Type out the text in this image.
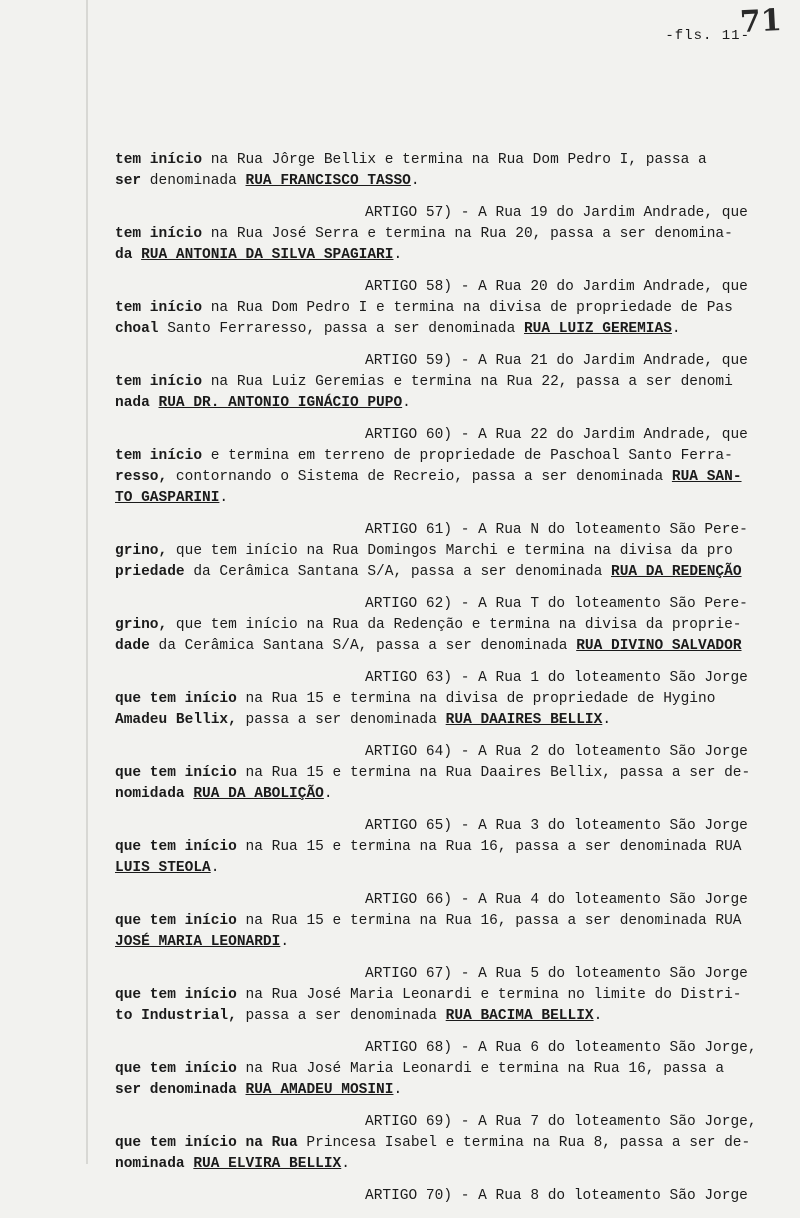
-fls. 11-
71
tem início na Rua Jôrge Bellix e termina na Rua Dom Pedro I, passa a
ser denominada RUA FRANCISCO TASSO.
ARTIGO 57) - A Rua 19 do Jardim Andrade, que
tem início na Rua José Serra e termina na Rua 20, passa a ser denomina-
da RUA ANTONIA DA SILVA SPAGIARI.
ARTIGO 58) - A Rua 20 do Jardim Andrade, que
tem início na Rua Dom Pedro I e termina na divisa de propriedade de Pas
choal Santo Ferraresso, passa a ser denominada RUA LUIZ GEREMIAS.
ARTIGO 59) - A Rua 21 do Jardim Andrade, que
tem início na Rua Luiz Geremias e termina na Rua 22, passa a ser denomi
nada RUA DR. ANTONIO IGNÁCIO PUPO.
ARTIGO 60) - A Rua 22 do Jardim Andrade, que
tem início e termina em terreno de propriedade de Paschoal Santo Ferra-
resso, contornando o Sistema de Recreio, passa a ser denominada RUA SAN-
TO GASPARINI.
ARTIGO 61) - A Rua N do loteamento São Pere-
grino, que tem início na Rua Domingos Marchi e termina na divisa da pro
priedade da Cerâmica Santana S/A, passa a ser denominada RUA DA REDENÇÃO
ARTIGO 62) - A Rua T do loteamento São Pere-
grino, que tem início na Rua da Redenção e termina na divisa da proprie-
dade da Cerâmica Santana S/A, passa a ser denominada RUA DIVINO SALVADOR
ARTIGO 63) - A Rua 1 do loteamento São Jorge
que tem início na Rua 15 e termina na divisa de propriedade de Hygino
Amadeu Bellix, passa a ser denominada RUA DAAIRES BELLIX.
ARTIGO 64) - A Rua 2 do loteamento São Jorge
que tem início na Rua 15 e termina na Rua Daaires Bellix, passa a ser de-
nomidada RUA DA ABOLIÇÃO.
ARTIGO 65) - A Rua 3 do loteamento São Jorge
que tem início na Rua 15 e termina na Rua 16, passa a ser denominada RUA
LUIS STEOLA.
ARTIGO 66) - A Rua 4 do loteamento São Jorge
que tem início na Rua 15 e termina na Rua 16, passa a ser denominada RUA
JOSÉ MARIA LEONARDI.
ARTIGO 67) - A Rua 5 do loteamento São Jorge
que tem início na Rua José Maria Leonardi e termina no limite do Distri-
to Industrial, passa a ser denominada RUA BACIMA BELLIX.
ARTIGO 68) - A Rua 6 do loteamento São Jorge,
que tem início na Rua José Maria Leonardi e termina na Rua 16, passa a
ser denominada RUA AMADEU MOSINI.
ARTIGO 69) - A Rua 7 do loteamento São Jorge,
que tem início na Rua Princesa Isabel e termina na Rua 8, passa a ser de-
nominada RUA ELVIRA BELLIX.
ARTIGO 70) - A Rua 8 do loteamento São Jorge
